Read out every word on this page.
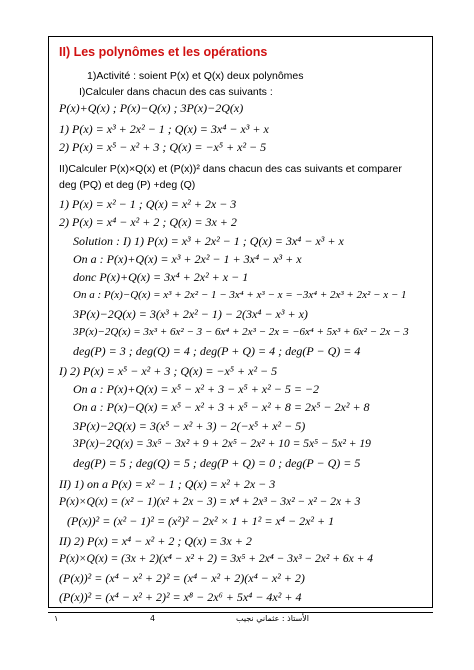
II) Les polynômes et les opérations
1)Activité : soient P(x) et Q(x) deux polynômes
I)Calculer dans chacun des cas suivants :
P(x)+Q(x) ; P(x)−Q(x) ; 3P(x)−2Q(x)
1) P(x) = x³ + 2x² − 1 ; Q(x) = 3x⁴ − x³ + x
2) P(x) = x⁵ − x² + 3 ; Q(x) = −x⁵ + x² − 5
II)Calculer P(x)×Q(x) et (P(x))² dans chacun des cas suivants et comparer
deg (PQ) et deg (P) +deg (Q)
1) P(x) = x² − 1 ; Q(x) = x² + 2x − 3
2) P(x) = x⁴ − x² + 2 ; Q(x) = 3x + 2
Solution : I) 1) P(x) = x³ + 2x² − 1 ; Q(x) = 3x⁴ − x³ + x
On a : P(x)+Q(x) = x³ + 2x² − 1 + 3x⁴ − x³ + x
donc P(x)+Q(x) = 3x⁴ + 2x² + x − 1
On a : P(x)−Q(x) = x³ + 2x² − 1 − 3x⁴ + x³ − x = −3x⁴ + 2x³ + 2x² − x − 1
3P(x)−2Q(x) = 3(x³ + 2x² − 1) − 2(3x⁴ − x³ + x)
3P(x)−2Q(x) = 3x³ + 6x² − 3 − 6x⁴ + 2x³ − 2x = −6x⁴ + 5x³ + 6x² − 2x − 3
deg(P) = 3 ; deg(Q) = 4 ; deg(P + Q) = 4 ; deg(P − Q) = 4
I) 2) P(x) = x⁵ − x² + 3 ; Q(x) = −x⁵ + x² − 5
On a : P(x)+Q(x) = x⁵ − x² + 3 − x⁵ + x² − 5 = −2
On a : P(x)−Q(x) = x⁵ − x² + 3 + x⁵ − x² + 8 = 2x⁵ − 2x² + 8
3P(x)−2Q(x) = 3(x⁵ − x² + 3) − 2(−x⁵ + x² − 5)
3P(x)−2Q(x) = 3x⁵ − 3x² + 9 + 2x⁵ − 2x² + 10 = 5x⁵ − 5x² + 19
deg(P) = 5 ; deg(Q) = 5 ; deg(P + Q) = 0 ; deg(P − Q) = 5
II) 1) on a P(x) = x² − 1 ; Q(x) = x² + 2x − 3
P(x)×Q(x) = (x² − 1)(x² + 2x − 3) = x⁴ + 2x³ − 3x² − x² − 2x + 3
(P(x))² = (x² − 1)² = (x²)² − 2x² × 1 + 1² = x⁴ − 2x² + 1
II) 2) P(x) = x⁴ − x² + 2 ; Q(x) = 3x + 2
P(x)×Q(x) = (3x + 2)(x⁴ − x² + 2) = 3x⁵ + 2x⁴ − 3x³ − 2x² + 6x + 4
(P(x))² = (x⁴ − x² + 2)² = (x⁴ − x² + 2)(x⁴ − x² + 2)
(P(x))² = (x⁴ − x² + 2)² = x⁸ − 2x⁶ + 5x⁴ − 4x² + 4
١	4	الأستاذ : عثماني نجيب
